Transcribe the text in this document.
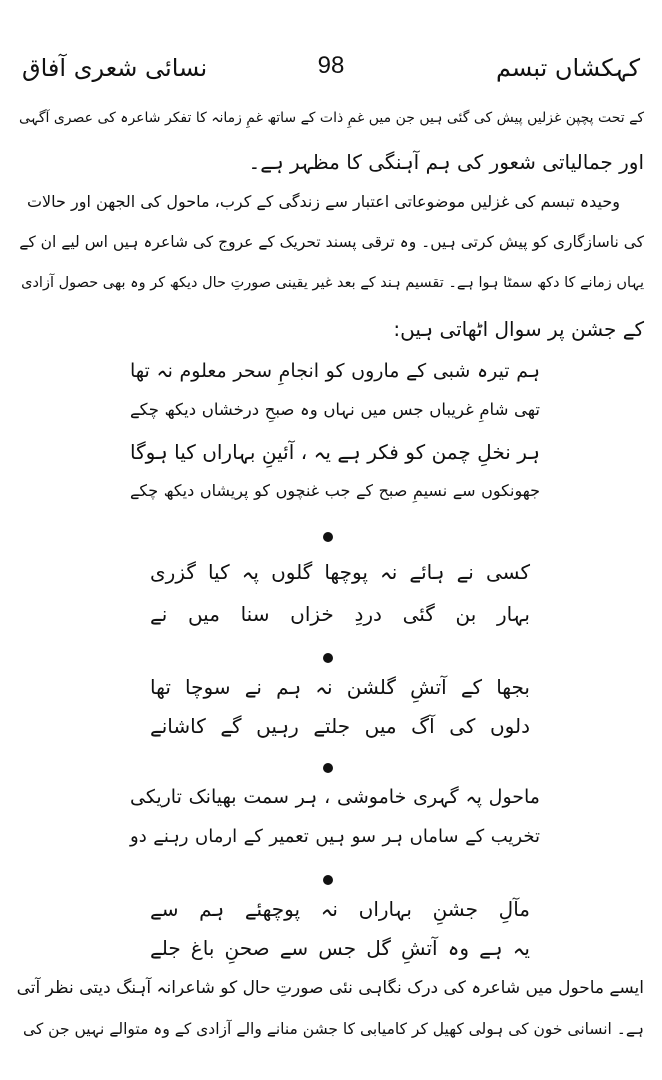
کہکشاں تبسم
98
نسائی شعری آفاق
کے تحت پچپن غزلیں پیش کی گئی ہیں جن میں غمِ ذات کے ساتھ غمِ زمانہ کا تفکر شاعرہ کی عصری آگہی
اور جمالیاتی شعور کی ہم آہنگی کا مظہر ہے۔
وحیدہ تبسم کی غزلیں موضوعاتی اعتبار سے زندگی کے کرب، ماحول کی الجھن اور حالات
کی ناسازگاری کو پیش کرتی ہیں۔ وہ ترقی پسند تحریک کے عروج کی شاعرہ ہیں اس لیے ان کے
یہاں زمانے کا دکھ سمٹا ہوا ہے۔ تقسیم ہند کے بعد غیر یقینی صورتِ حال دیکھ کر وہ بھی حصول آزادی
کے جشن پر سوال اٹھاتی ہیں:
ہم تیرہ شبی کے ماروں کو انجامِ سحر معلوم نہ تھا
تھی شامِ غریباں جس میں نہاں وہ صبحِ درخشاں دیکھ چکے
ہر نخلِ چمن کو فکر ہے یہ ، آئینِ بہاراں کیا ہوگا
جھونکوں سے نسیمِ صبح کے جب غنچوں کو پریشاں دیکھ چکے
کسی نے ہائے نہ پوچھا گلوں پہ کیا گزری
بہار بن گئی دردِ خزاں سنا میں نے
بجھا کے آتشِ گلشن نہ ہم نے سوچا تھا
دلوں کی آگ میں جلتے رہیں گے کاشانے
ماحول پہ گہری خاموشی ، ہر سمت بھیانک تاریکی
تخریب کے ساماں ہر سو ہیں تعمیر کے ارماں رہنے دو
مآلِ جشنِ بہاراں نہ پوچھئے ہم سے
یہ ہے وہ آتشِ گل جس سے صحنِ باغ جلے
ایسے ماحول میں شاعرہ کی درک نگاہی نئی صورتِ حال کو شاعرانہ آہنگ دیتی نظر آتی
ہے۔ انسانی خون کی ہولی کھیل کر کامیابی کا جشن منانے والے آزادی کے وہ متوالے نہیں جن کی
